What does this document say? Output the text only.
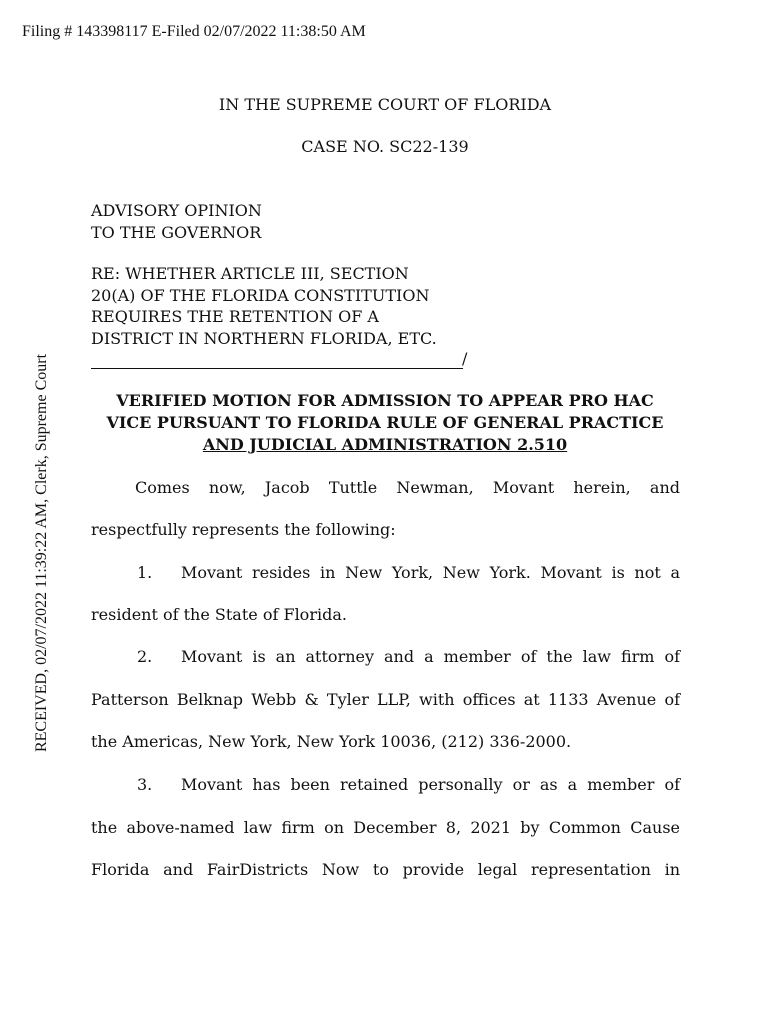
Filing # 143398117 E-Filed 02/07/2022 11:38:50 AM
RECEIVED, 02/07/2022 11:39:22 AM, Clerk, Supreme Court
IN THE SUPREME COURT OF FLORIDA
CASE NO. SC22-139
ADVISORY OPINION
TO THE GOVERNOR
RE: WHETHER ARTICLE III, SECTION
20(A) OF THE FLORIDA CONSTITUTION
REQUIRES THE RETENTION OF A
DISTRICT IN NORTHERN FLORIDA, ETC.
/
VERIFIED MOTION FOR ADMISSION TO APPEAR PRO HAC
VICE PURSUANT TO FLORIDA RULE OF GENERAL PRACTICE
AND JUDICIAL ADMINISTRATION 2.510
Comes now, Jacob Tuttle Newman, Movant herein, and
respectfully represents the following:
1.	Movant resides in New York, New York. Movant is not a
resident of the State of Florida.
2.	Movant is an attorney and a member of the law firm of
Patterson Belknap Webb & Tyler LLP, with offices at 1133 Avenue of
the Americas, New York, New York 10036, (212) 336-2000.
3.	Movant has been retained personally or as a member of
the above-named law firm on December 8, 2021 by Common Cause
Florida and FairDistricts Now to provide legal representation in
